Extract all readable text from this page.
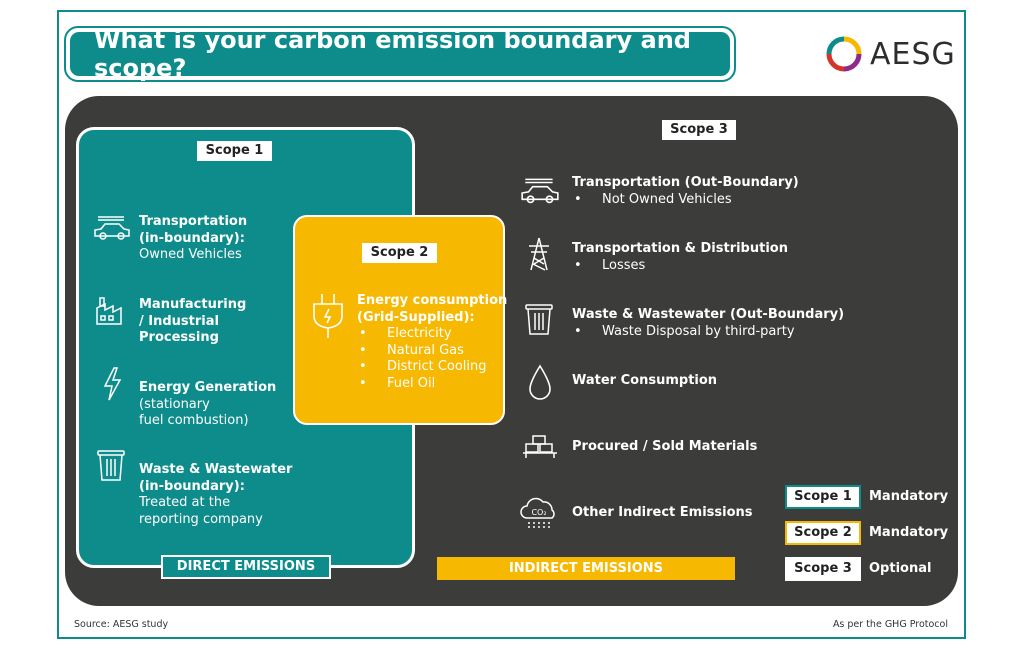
What is your carbon emission boundary and scope?	AESG
Scope 1
Transportation
(in-boundary):
Owned Vehicles
Manufacturing
/ Industrial
Processing
Energy Generation
(stationary
fuel combustion)
Waste & Wastewater
(in-boundary):
Treated at the
reporting company
DIRECT EMISSIONS
Scope 2
Energy consumption
(Grid-Supplied):
• Electricity
• Natural Gas
• District Cooling
• Fuel Oil
Scope 3
Transportation (Out-Boundary)
• Not Owned Vehicles
Transportation & Distribution
• Losses
Waste & Wastewater (Out-Boundary)
• Waste Disposal by third-party
Water Consumption
Procured / Sold Materials
CO₂ Other Indirect Emissions
INDIRECT EMISSIONS
Scope 1	Mandatory
Scope 2	Mandatory
Scope 3	Optional
Source: AESG study	As per the GHG Protocol
